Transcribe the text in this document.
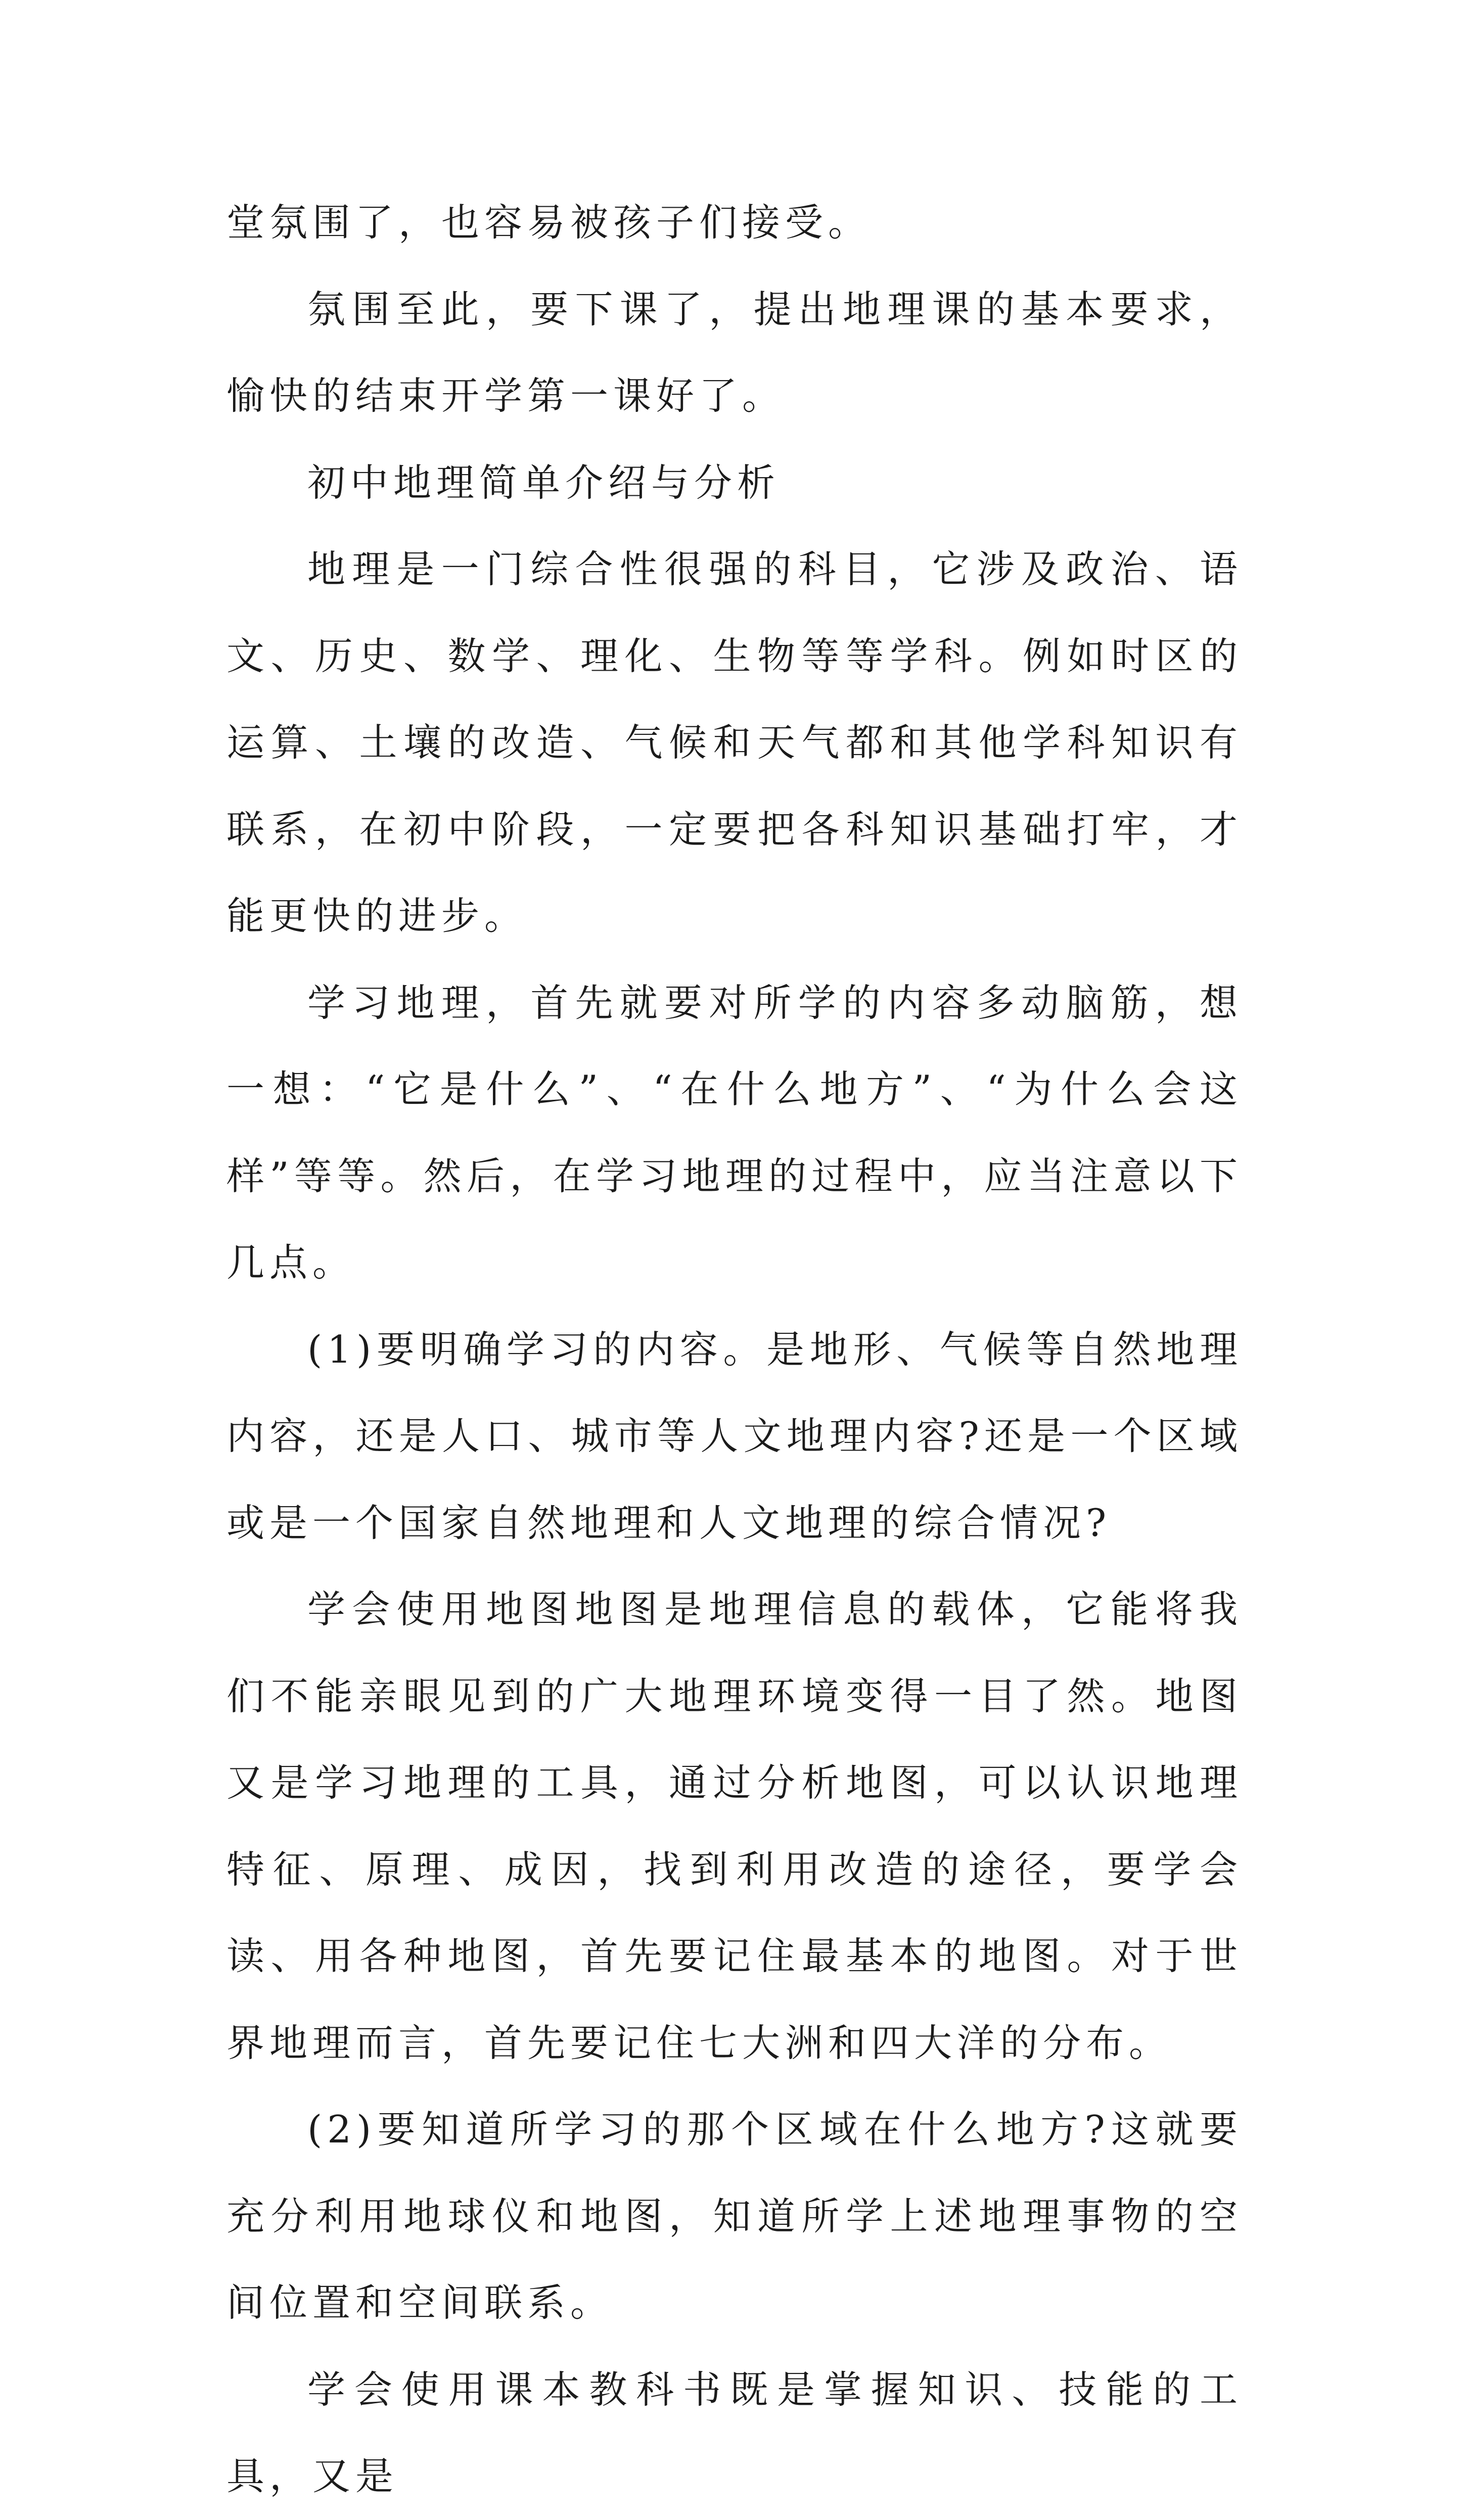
堂氛围了，也容易被孩子们接受。

氛围至此，要下课了，提出地理课的基本要求，愉快的结束开学第一课好了。

初中地理简单介绍与分析

地理是一门综合性很强的科目，它涉及政治、语文、历史、数学、理化、生物等等学科。例如时区的运算、土壤的改造、气候和天气都和其他学科知识有联系，在初中阶段，一定要把各科知识基础打牢，才能更快的进步。

学习地理，首先就要对所学的内容多动脑筋，想一想：“它是什么”、“在什么地方”、“为什么会这样”等等。然后，在学习地理的过程中，应当注意以下几点。

(1)要明确学习的内容。是地形、气候等自然地理内容，还是人口、城市等人文地理内容?还是一个区域或是一个国家自然地理和人文地理的综合情况?

学会使用地图地图是地理信息的载体，它能将我们不能亲眼见到的广大地理环境变得一目了然。地图又是学习地理的工具，通过分析地图，可以认识地理特征、原理、成因，找到利用改造的途径，要学会读、用各种地图，首先要记住最基本的地图。对于世界地理而言，首先要记住七大洲和四大洋的分布。

(2)要知道所学习的那个区域在什么地方?这就要充分利用地球仪和地图，知道所学上述地理事物的空间位置和空间联系。

学会使用课本教科书既是掌握知识、技能的工具，又是
